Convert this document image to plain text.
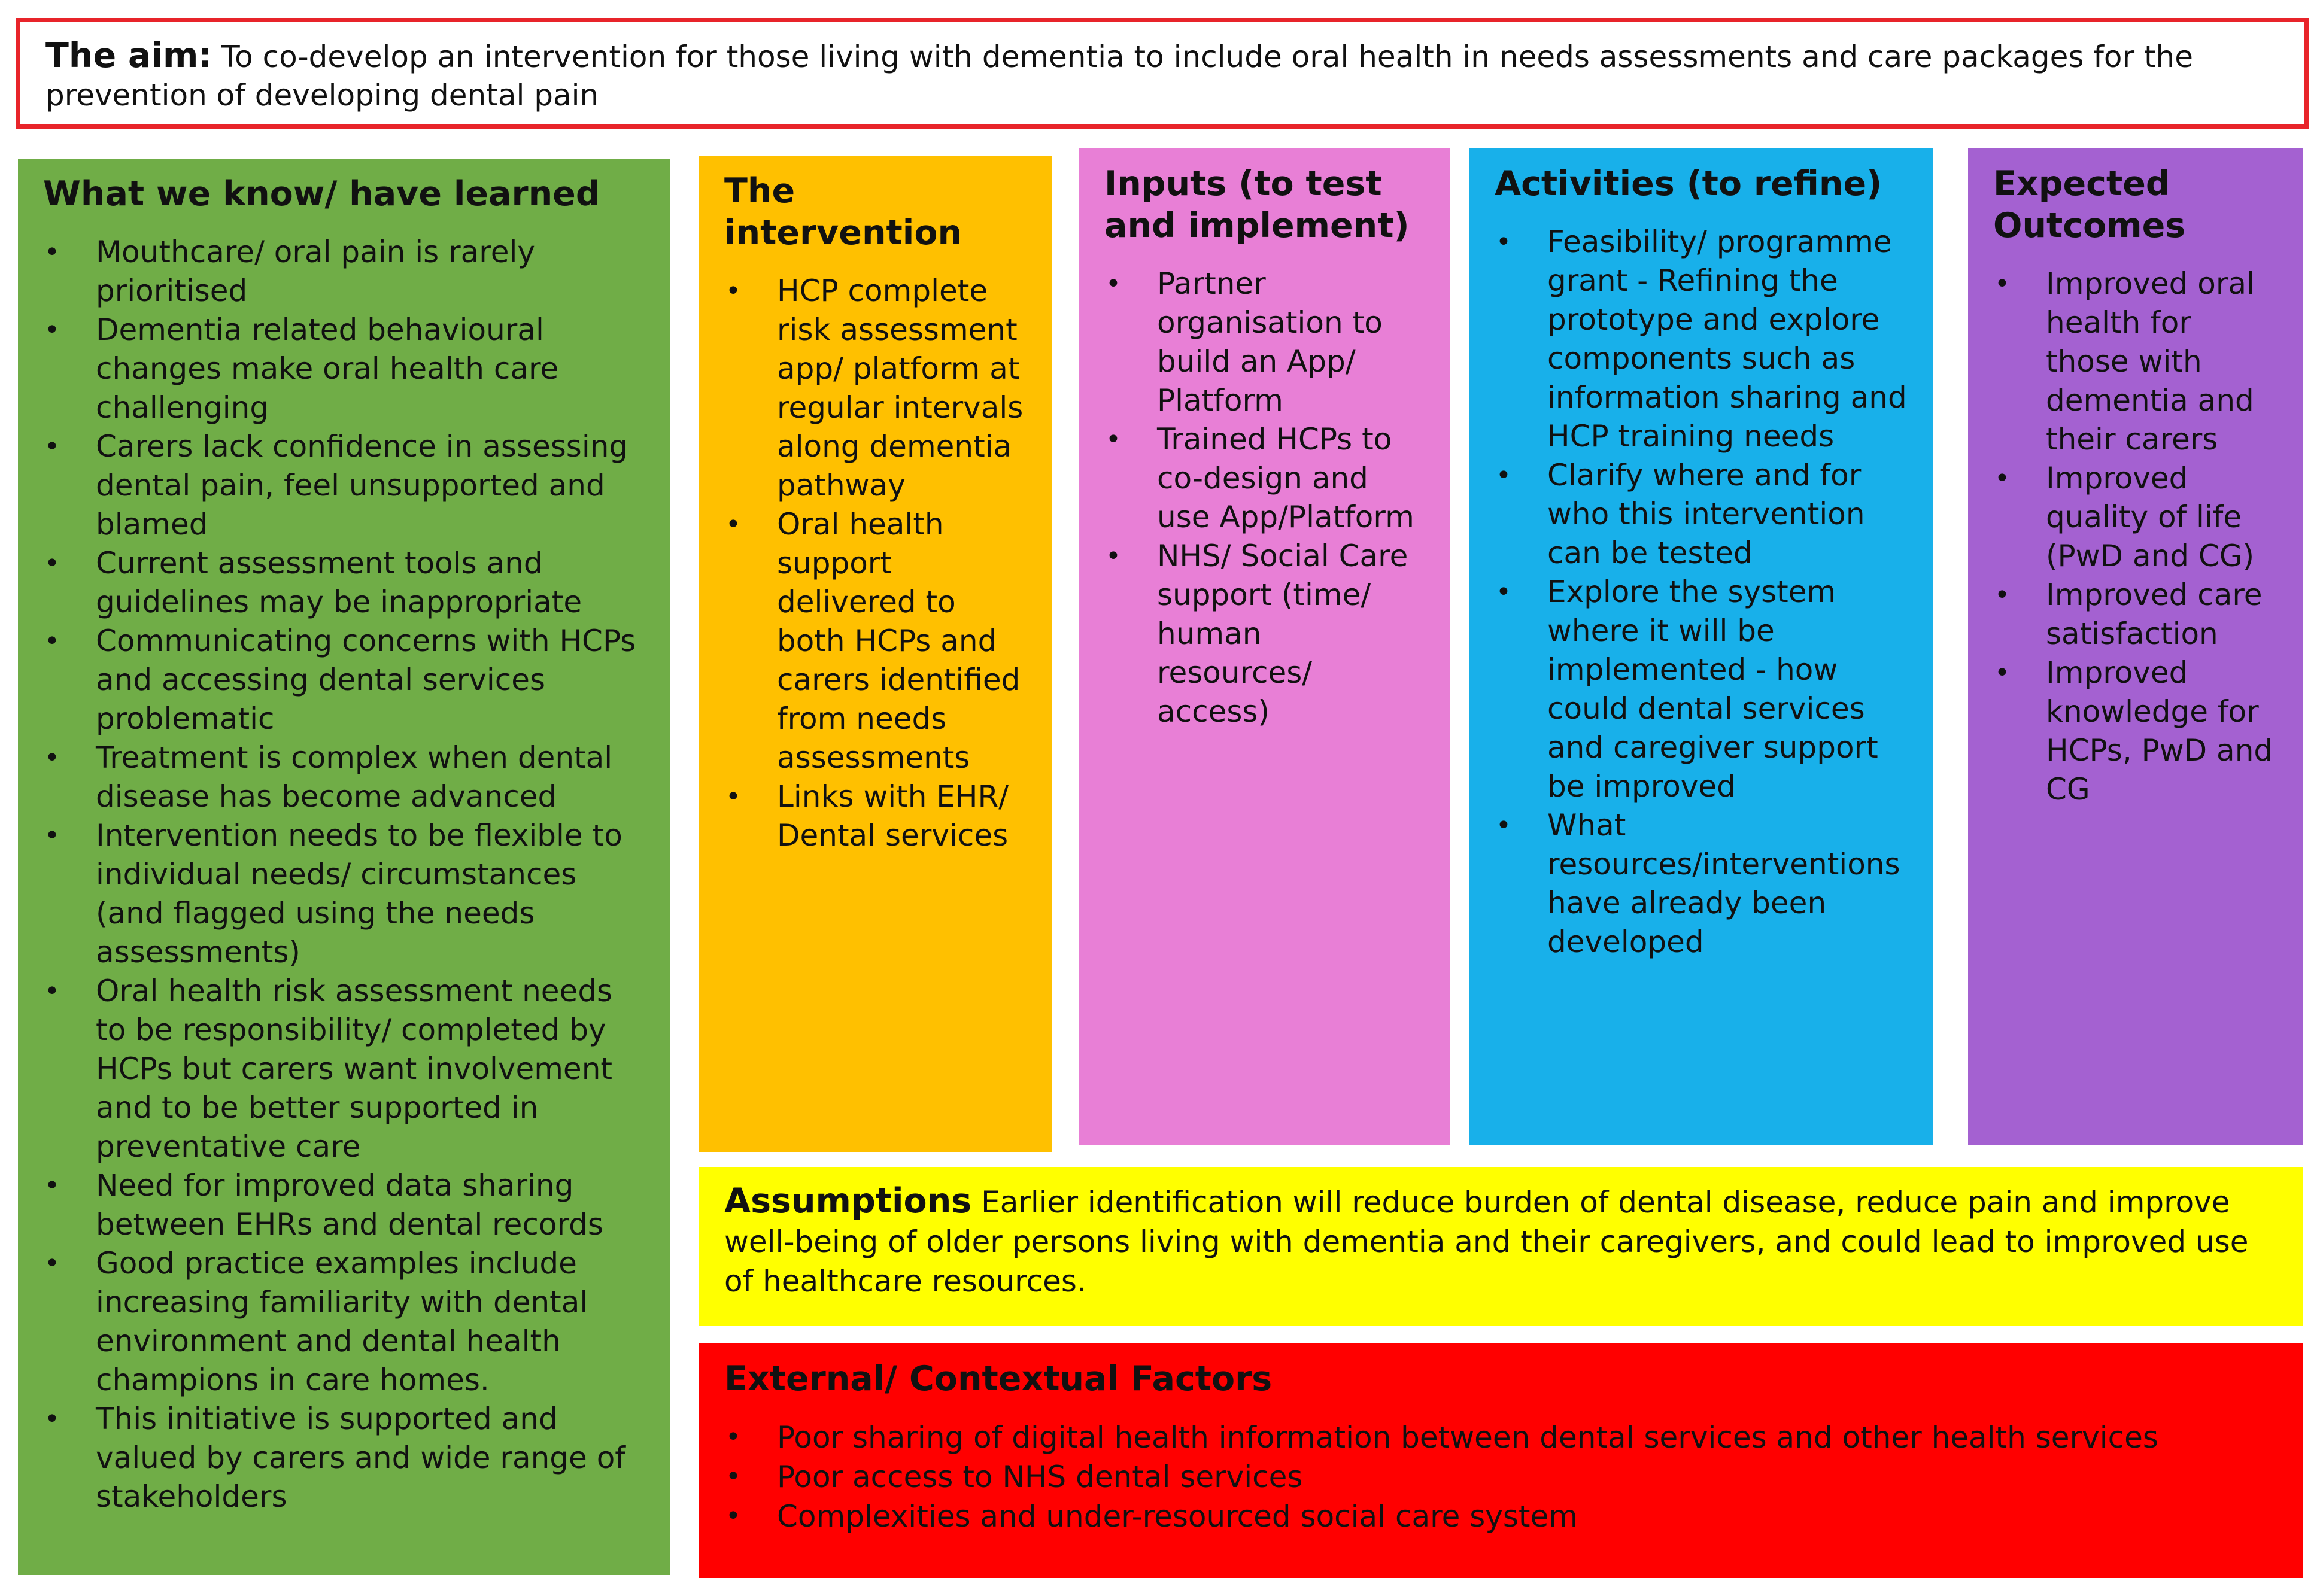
The aim: To co-develop an intervention for those living with dementia to include oral health in needs assessments and care packages for the prevention of developing dental pain
What we know/ have learned
• Mouthcare/ oral pain is rarely prioritised
• Dementia related behavioural changes make oral health care challenging
• Carers lack confidence in assessing dental pain, feel unsupported and blamed
• Current assessment tools and guidelines may be inappropriate
• Communicating concerns with HCPs and accessing dental services problematic
• Treatment is complex when dental disease has become advanced
• Intervention needs to be flexible to individual needs/ circumstances (and flagged using the needs assessments)
• Oral health risk assessment needs to be responsibility/ completed by HCPs but carers want involvement and to be better supported in preventative care
• Need for improved data sharing between EHRs and dental records
• Good practice examples include increasing familiarity with dental environment and dental health champions in care homes.
• This initiative is supported and valued by carers and wide range of stakeholders
The intervention
• HCP complete risk assessment app/ platform at regular intervals along dementia pathway
• Oral health support delivered to both HCPs and carers identified from needs assessments
• Links with EHR/ Dental services
Inputs (to test and implement)
• Partner organisation to build an App/ Platform
• Trained HCPs to co-design and use App/Platform
• NHS/ Social Care support (time/ human resources/ access)
Activities (to refine)
• Feasibility/ programme grant - Refining the prototype and explore components such as information sharing and HCP training needs
• Clarify where and for who this intervention can be tested
• Explore the system where it will be implemented - how could dental services and caregiver support be improved
• What resources/interventions have already been developed
Expected Outcomes
• Improved oral health for those with dementia and their carers
• Improved quality of life (PwD and CG)
• Improved care satisfaction
• Improved knowledge for HCPs, PwD and CG
Assumptions Earlier identification will reduce burden of dental disease, reduce pain and improve well-being of older persons living with dementia and their caregivers, and could lead to improved use of healthcare resources.
External/ Contextual Factors
• Poor sharing of digital health information between dental services and other health services
• Poor access to NHS dental services
• Complexities and under-resourced social care system
